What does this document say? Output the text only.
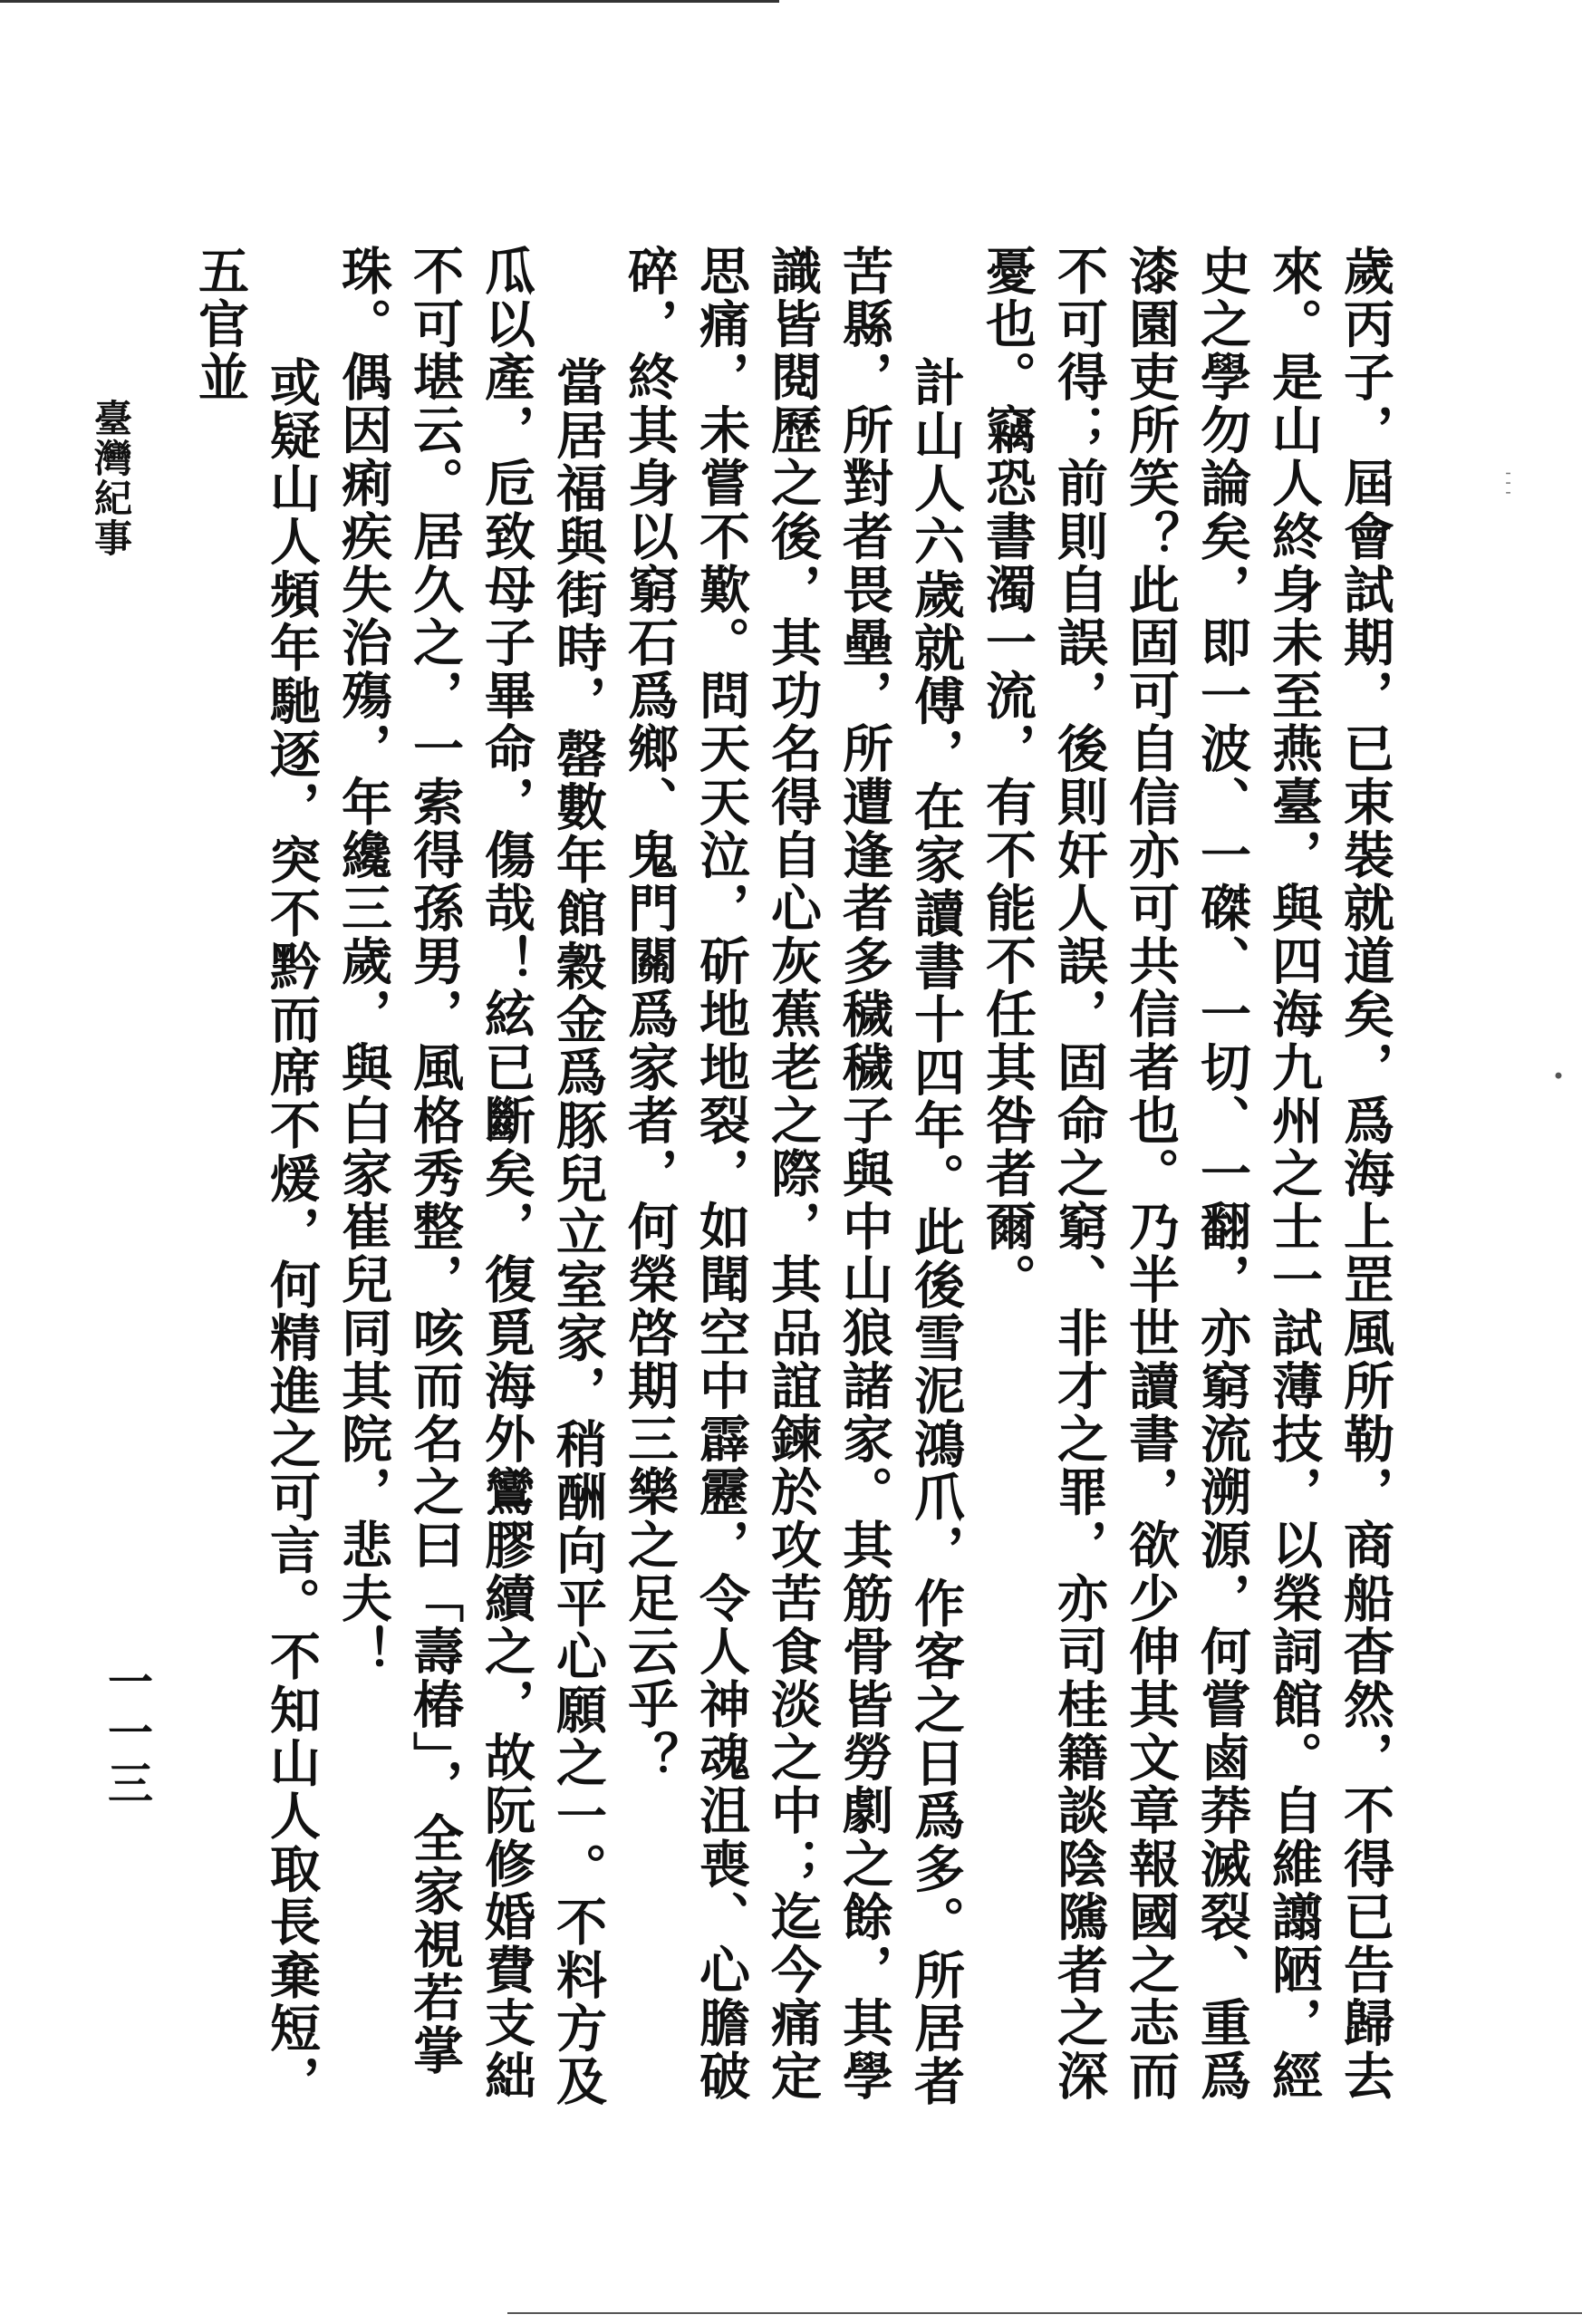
' ' '
•

歲丙子，屆會試期，已束裝就道矣，爲海上罡風所勒，商船杳然，不得已告歸去來。是山人終身未至燕臺，與四海九州之士一試薄技，以榮詞館。自維譾陋，經史之學勿論矣，即一波、一磔、一切、一翻，亦窮流溯源，何嘗鹵莽滅裂、重爲漆園吏所笑？此固可自信亦可共信者也。乃半世讀書，欲少伸其文章報國之志而不可得；前則自誤，後則奸人誤，固命之窮、非才之罪，亦司桂籍談陰隲者之深憂也。竊恐書濁一流，有不能不任其咎者爾。

計山人六歲就傅，在家讀書十四年。此後雪泥鴻爪，作客之日爲多。所居者苦縣，所對者畏壘，所遭逢者多穢穢子與中山狼諸家。其筋骨皆勞劇之餘，其學識皆閱歷之後，其功名得自心灰蕉老之際，其品誼鍊於攻苦食淡之中；迄今痛定思痛，未嘗不歎。問天天泣，斫地地裂，如聞空中霹靂，令人神魂沮喪、心膽破碎，終其身以窮石爲鄉、鬼門關爲家者，何榮啓期三樂之足云乎？

當居福與街時，罄數年館穀金爲豚兒立室家，稍酬向平心願之一。不料方及瓜以產，卮致母子畢命，傷哉！絃已斷矣，復覓海外鸞膠續之，故阮修婚費支絀不可堪云。居久之，一索得孫男，風格秀整，咳而名之曰「壽椿」，全家視若掌珠。偶因痢疾失治殤，年纔三歲，與白家崔兒同其院，悲夫！

或疑山人頻年馳逐，突不黔而席不煖，何精進之可言。不知山人取長棄短，五官並

臺灣紀事
一一三
